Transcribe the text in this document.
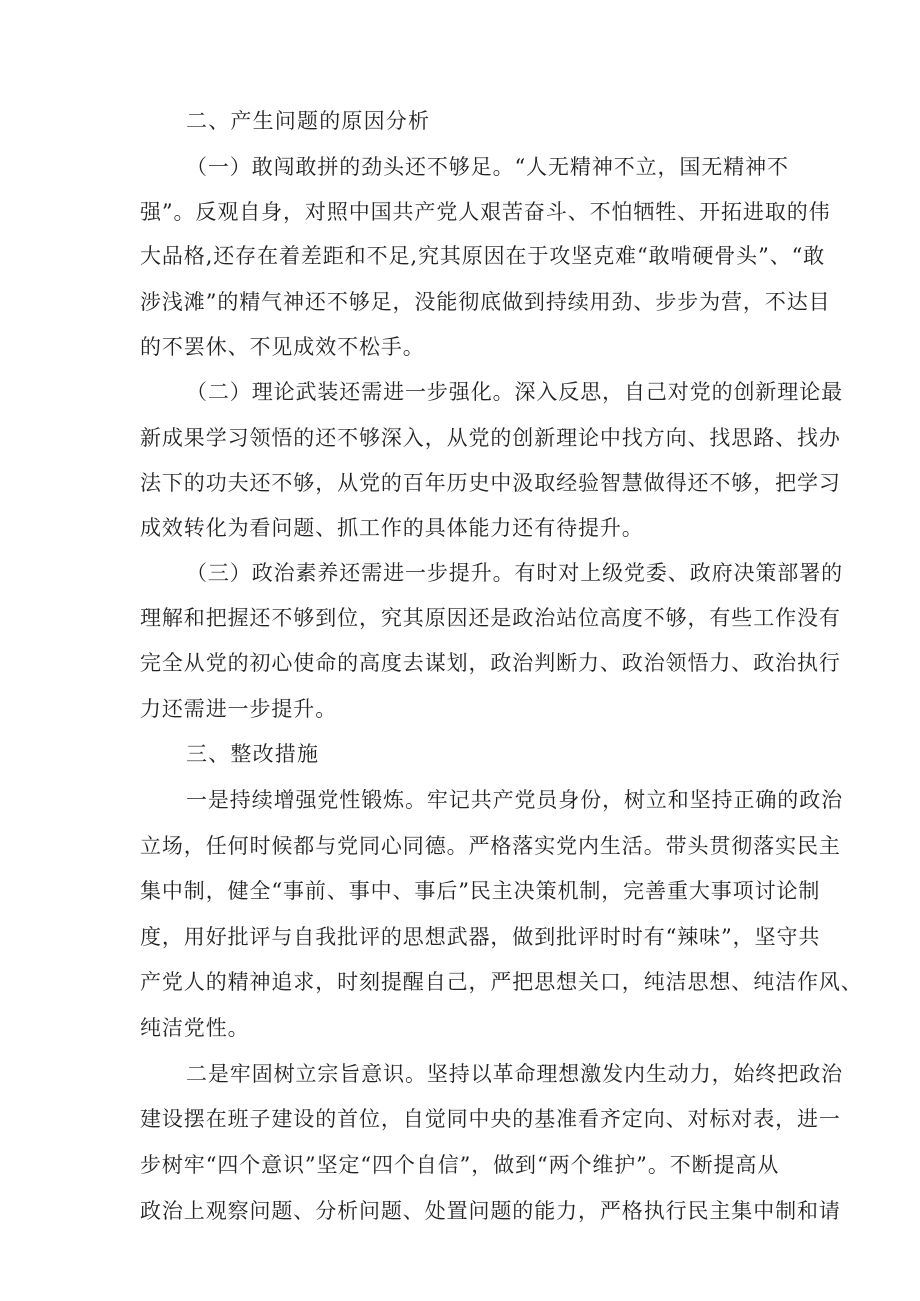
二、产生问题的原因分析
（一）敢闯敢拼的劲头还不够足。“人无精神不立，国无精神不
强”。反观自身，对照中国共产党人艰苦奋斗、不怕牺牲、开拓进取的伟
大品格,还存在着差距和不足,究其原因在于攻坚克难“敢啃硬骨头”、“敢
涉浅滩”的精气神还不够足，没能彻底做到持续用劲、步步为营，不达目
的不罢休、不见成效不松手。
（二）理论武装还需进一步强化。深入反思，自己对党的创新理论最
新成果学习领悟的还不够深入，从党的创新理论中找方向、找思路、找办
法下的功夫还不够，从党的百年历史中汲取经验智慧做得还不够，把学习
成效转化为看问题、抓工作的具体能力还有待提升。
（三）政治素养还需进一步提升。有时对上级党委、政府决策部署的
理解和把握还不够到位，究其原因还是政治站位高度不够，有些工作没有
完全从党的初心使命的高度去谋划，政治判断力、政治领悟力、政治执行
力还需进一步提升。
三、整改措施
一是持续增强党性锻炼。牢记共产党员身份，树立和坚持正确的政治
立场，任何时候都与党同心同德。严格落实党内生活。带头贯彻落实民主
集中制，健全“事前、事中、事后”民主决策机制，完善重大事项讨论制
度，用好批评与自我批评的思想武器，做到批评时时有“辣味”，坚守共
产党人的精神追求，时刻提醒自己，严把思想关口，纯洁思想、纯洁作风、
纯洁党性。
二是牢固树立宗旨意识。坚持以革命理想激发内生动力，始终把政治
建设摆在班子建设的首位，自觉同中央的基准看齐定向、对标对表，进一
步树牢“四个意识”坚定“四个自信”，做到“两个维护”。不断提高从
政治上观察问题、分析问题、处置问题的能力，严格执行民主集中制和请
